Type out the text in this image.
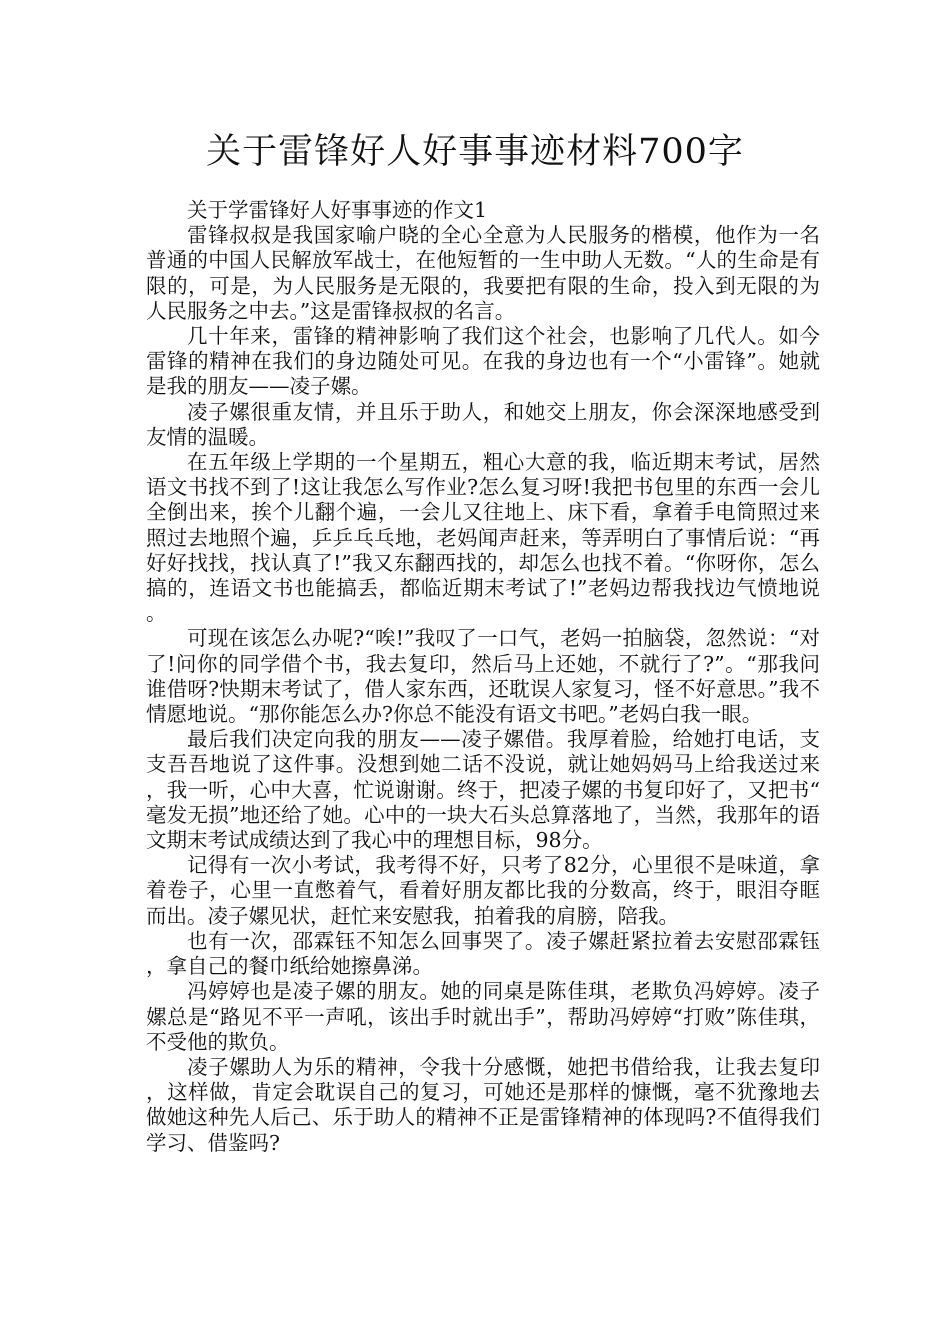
关于雷锋好人好事事迹材料700字

关于学雷锋好人好事事迹的作文1

雷锋叔叔是我国家喻户晓的全心全意为人民服务的楷模，他作为一名普通的中国人民解放军战士，在他短暂的一生中助人无数。“人的生命是有限的，可是，为人民服务是无限的，我要把有限的生命，投入到无限的为人民服务之中去。”这是雷锋叔叔的名言。

几十年来，雷锋的精神影响了我们这个社会，也影响了几代人。如今雷锋的精神在我们的身边随处可见。在我的身边也有一个“小雷锋”。她就是我的朋友——凌子嫘。

凌子嫘很重友情，并且乐于助人，和她交上朋友，你会深深地感受到友情的温暖。

在五年级上学期的一个星期五，粗心大意的我，临近期末考试，居然语文书找不到了!这让我怎么写作业?怎么复习呀!我把书包里的东西一会儿全倒出来，挨个儿翻个遍，一会儿又往地上、床下看，拿着手电筒照过来照过去地照个遍，乒乒乓乓地，老妈闻声赶来，等弄明白了事情后说：“再好好找找，找认真了!”我又东翻西找的，却怎么也找不着。“你呀你，怎么搞的，连语文书也能搞丢，都临近期末考试了!”老妈边帮我找边气愤地说。

可现在该怎么办呢?“唉!”我叹了一口气，老妈一拍脑袋，忽然说：“对了!问你的同学借个书，我去复印，然后马上还她，不就行了?”。“那我问谁借呀?快期末考试了，借人家东西，还耽误人家复习，怪不好意思。”我不情愿地说。“那你能怎么办?你总不能没有语文书吧。”老妈白我一眼。

最后我们决定向我的朋友——凌子嫘借。我厚着脸，给她打电话，支支吾吾地说了这件事。没想到她二话不没说，就让她妈妈马上给我送过来，我一听，心中大喜，忙说谢谢。终于，把凌子嫘的书复印好了，又把书“毫发无损”地还给了她。心中的一块大石头总算落地了，当然，我那年的语文期末考试成绩达到了我心中的理想目标，98分。

记得有一次小考试，我考得不好，只考了82分，心里很不是味道，拿着卷子，心里一直憋着气，看着好朋友都比我的分数高，终于，眼泪夺眶而出。凌子嫘见状，赶忙来安慰我，拍着我的肩膀，陪我。

也有一次，邵霖钰不知怎么回事哭了。凌子嫘赶紧拉着去安慰邵霖钰，拿自己的餐巾纸给她擦鼻涕。

冯婷婷也是凌子嫘的朋友。她的同桌是陈佳琪，老欺负冯婷婷。凌子嫘总是“路见不平一声吼，该出手时就出手”，帮助冯婷婷“打败”陈佳琪，不受他的欺负。

凌子嫘助人为乐的精神，令我十分感慨，她把书借给我，让我去复印，这样做，肯定会耽误自己的复习，可她还是那样的慷慨，毫不犹豫地去做她这种先人后己、乐于助人的精神不正是雷锋精神的体现吗?不值得我们学习、借鉴吗?
